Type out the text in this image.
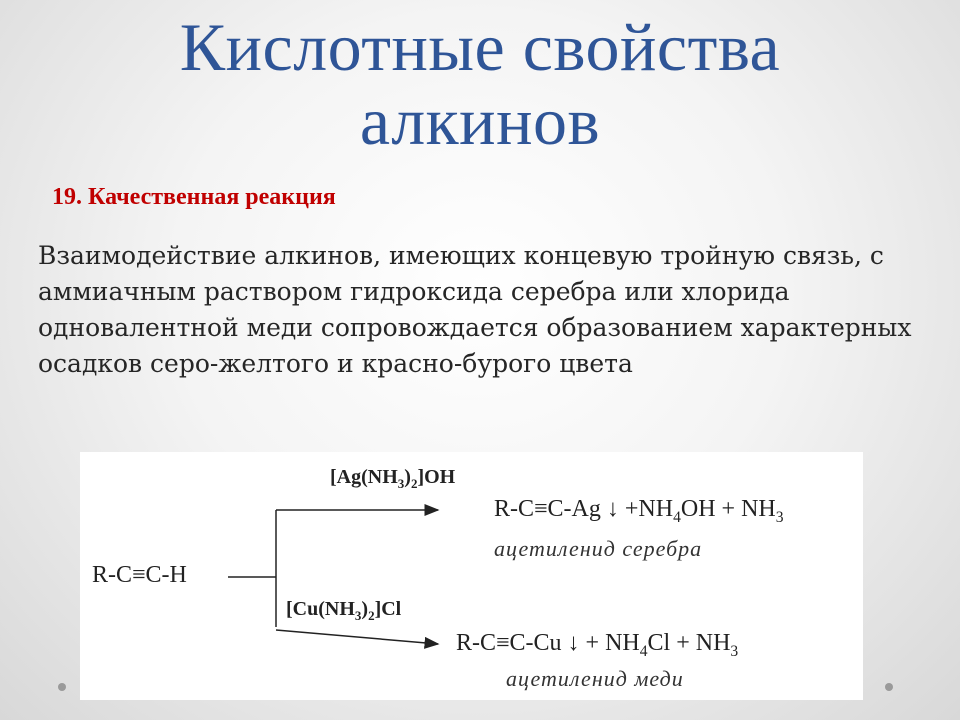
Кислотные свойства
алкинов
19. Качественная реакция
Взаимодействие алкинов, имеющих концевую тройную связь, с аммиачным раствором гидроксида серебра или хлорида одновалентной меди сопровождается образованием характерных осадков серо-желтого и красно-бурого цвета
R-C≡C-H
$[Ag(NH_3)_2]OH$
R-C≡C-Ag ↓ $+NH_4OH + NH_3$
ацетиленид серебра
$[Cu(NH_3)_2]Cl$
R-C≡C-Cu ↓ + $NH_4Cl + NH_3$
ацетиленид меди
